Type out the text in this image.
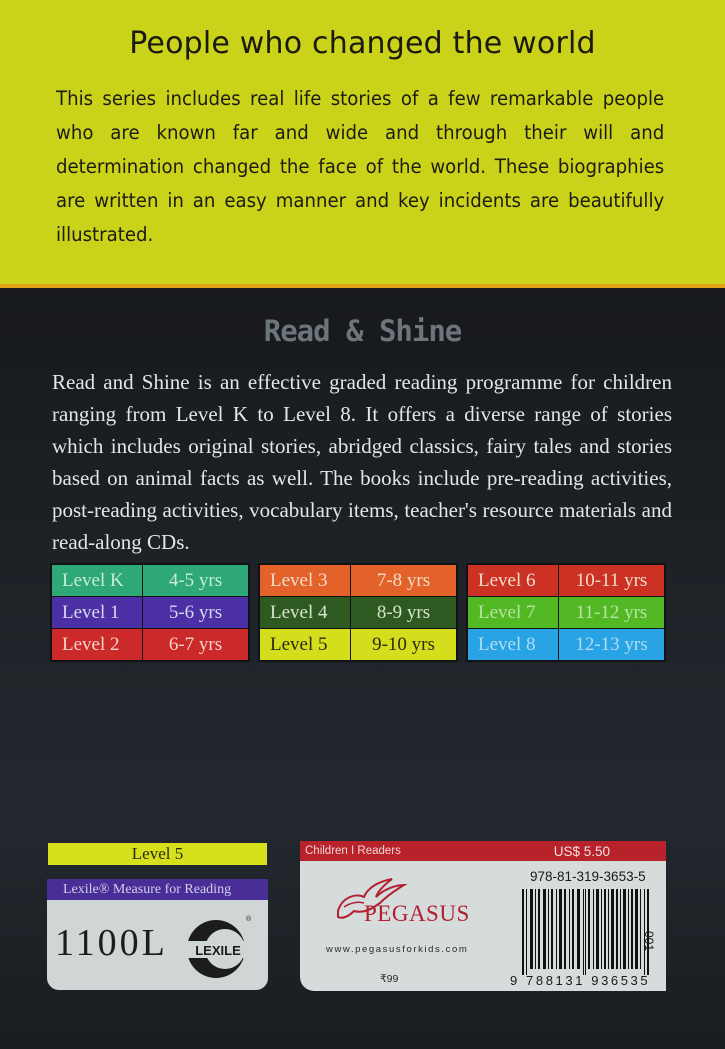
People who changed the world
This series includes real life stories of a few remarkable people who are known far and wide and through their will and determination changed the face of the world. These biographies are written in an easy manner and key incidents are beautifully illustrated.
Read & Shine
Read and Shine is an effective graded reading programme for children ranging from Level K to Level 8. It offers a diverse range of stories which includes original stories, abridged classics, fairy tales and stories based on animal facts as well. The books include pre-reading activities, post-reading activities, vocabulary items, teacher's resource materials and read-along CDs.
Level K	4-5 yrs
Level 1	5-6 yrs
Level 2	6-7 yrs
Level 3	7-8 yrs
Level 4	8-9 yrs
Level 5	9-10 yrs
Level 6	10-11 yrs
Level 7	11-12 yrs
Level 8	12-13 yrs
Level 5
Lexile® Measure for Reading
1100L LEXILE
®
Children I Readers	US$ 5.50
PEGASUS
www.pegasusforkids.com
₹99
978-81-319-3653-5
9 788131 936535
001
